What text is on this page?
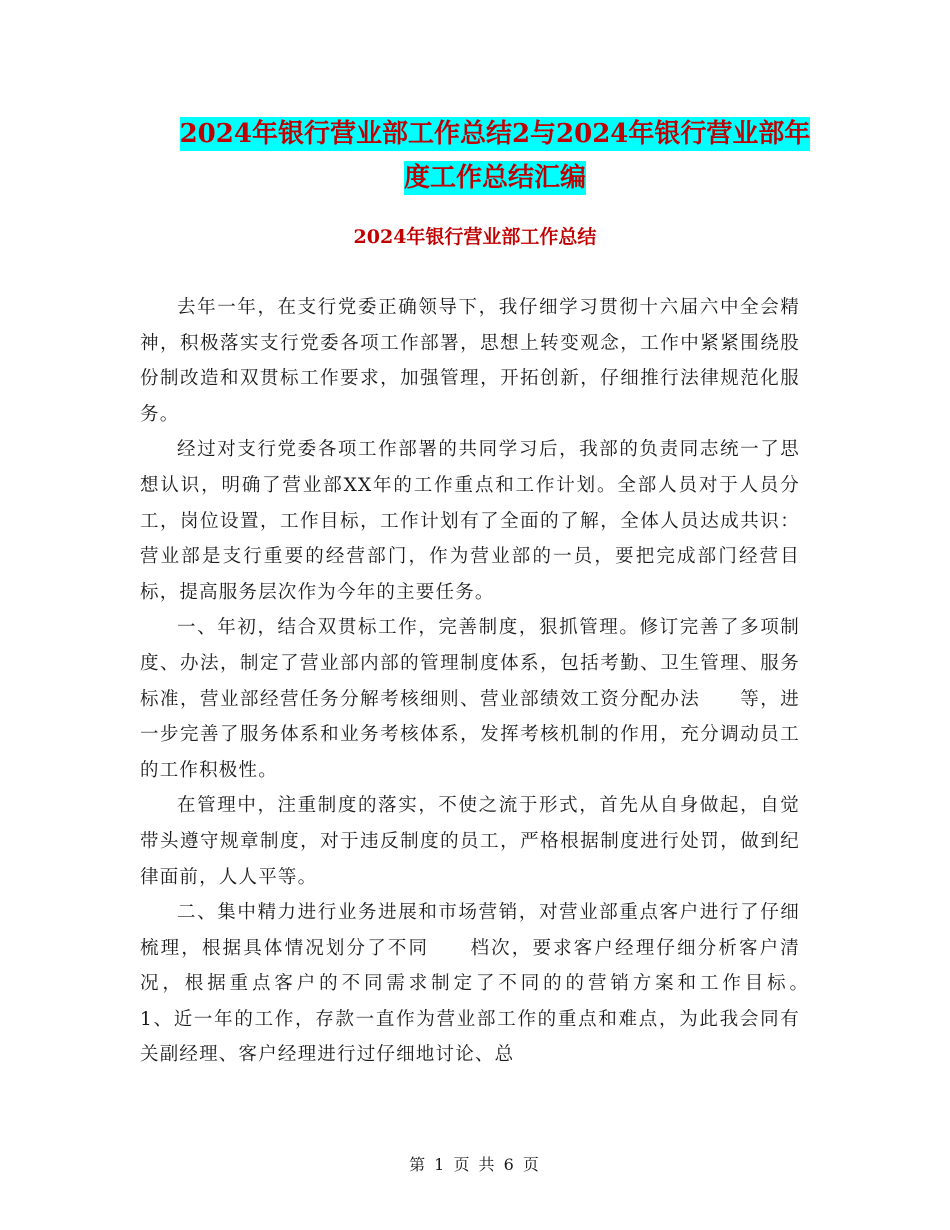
2024年银行营业部工作总结2与2024年银行营业部年
度工作总结汇编
2024年银行营业部工作总结

去年一年，在支行党委正确领导下，我仔细学习贯彻十六届六中全会精神，积极落实支行党委各项工作部署，思想上转变观念，工作中紧紧围绕股份制改造和双贯标工作要求，加强管理，开拓创新，仔细推行法律规范化服务。

经过对支行党委各项工作部署的共同学习后，我部的负责同志统一了思想认识，明确了营业部XX年的工作重点和工作计划。全部人员对于人员分工，岗位设置，工作目标，工作计划有了全面的了解，全体人员达成共识：营业部是支行重要的经营部门，作为营业部的一员，要把完成部门经营目标，提高服务层次作为今年的主要任务。

一、年初，结合双贯标工作，完善制度，狠抓管理。修订完善了多项制度、办法，制定了营业部内部的管理制度体系，包括考勤、卫生管理、服务标准，营业部经营任务分解考核细则、营业部绩效工资分配办法　　等，进一步完善了服务体系和业务考核体系，发挥考核机制的作用，充分调动员工的工作积极性。

在管理中，注重制度的落实，不使之流于形式，首先从自身做起，自觉带头遵守规章制度，对于违反制度的员工，严格根据制度进行处罚，做到纪律面前，人人平等。

二、集中精力进行业务进展和市场营销，对营业部重点客户进行了仔细梳理，根据具体情况划分了不同　　档次，要求客户经理仔细分析客户清况，根据重点客户的不同需求制定了不同的的营销方案和工作目标。　　　　1、近一年的工作，存款一直作为营业部工作的重点和难点，为此我会同有关副经理、客户经理进行过仔细地讨论、总

第 1 页 共 6 页
